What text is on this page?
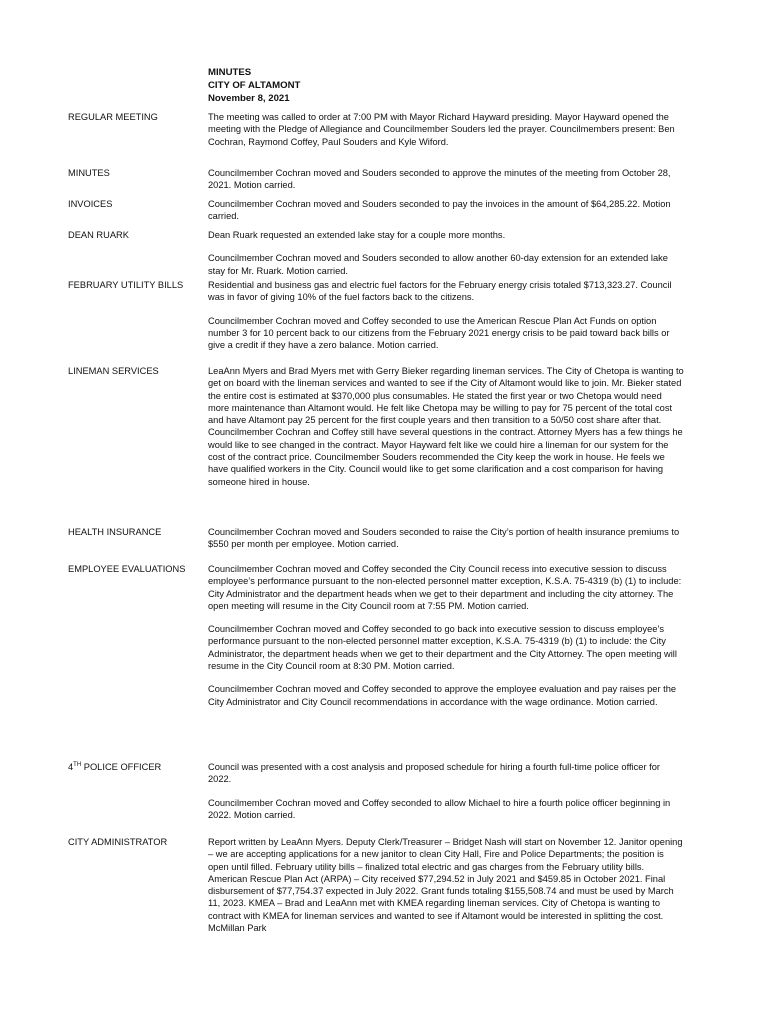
MINUTES
CITY OF ALTAMONT
November 8, 2021
REGULAR MEETING	The meeting was called to order at 7:00 PM with Mayor Richard Hayward presiding. Mayor Hayward opened the meeting with the Pledge of Allegiance and Councilmember Souders led the prayer. Councilmembers present: Ben Cochran, Raymond Coffey, Paul Souders and Kyle Wiford.

MINUTES	Councilmember Cochran moved and Souders seconded to approve the minutes of the meeting from October 28, 2021. Motion carried.

INVOICES	Councilmember Cochran moved and Souders seconded to pay the invoices in the amount of $64,285.22. Motion carried.

DEAN RUARK	Dean Ruark requested an extended lake stay for a couple more months.

Councilmember Cochran moved and Souders seconded to allow another 60-day extension for an extended lake stay for Mr. Ruark. Motion carried.

FEBRUARY UTILITY BILLS	Residential and business gas and electric fuel factors for the February energy crisis totaled $713,323.27. Council was in favor of giving 10% of the fuel factors back to the citizens.

Councilmember Cochran moved and Coffey seconded to use the American Rescue Plan Act Funds on option number 3 for 10 percent back to our citizens from the February 2021 energy crisis to be paid toward back bills or give a credit if they have a zero balance. Motion carried.

LINEMAN SERVICES	LeaAnn Myers and Brad Myers met with Gerry Bieker regarding lineman services. The City of Chetopa is wanting to get on board with the lineman services and wanted to see if the City of Altamont would like to join. Mr. Bieker stated the entire cost is estimated at $370,000 plus consumables. He stated the first year or two Chetopa would need more maintenance than Altamont would. He felt like Chetopa may be willing to pay for 75 percent of the total cost and have Altamont pay 25 percent for the first couple years and then transition to a 50/50 cost share after that. Councilmember Cochran and Coffey still have several questions in the contract. Attorney Myers has a few things he would like to see changed in the contract. Mayor Hayward felt like we could hire a lineman for our system for the cost of the contract price. Councilmember Souders recommended the City keep the work in house. He feels we have qualified workers in the City. Council would like to get some clarification and a cost comparison for having someone hired in house.

HEALTH INSURANCE	Councilmember Cochran moved and Souders seconded to raise the City’s portion of health insurance premiums to $550 per month per employee. Motion carried.

EMPLOYEE EVALUATIONS	Councilmember Cochran moved and Coffey seconded the City Council recess into executive session to discuss employee’s performance pursuant to the non-elected personnel matter exception, K.S.A. 75-4319 (b) (1) to include: City Administrator and the department heads when we get to their department and including the city attorney. The open meeting will resume in the City Council room at 7:55 PM. Motion carried.

Councilmember Cochran moved and Coffey seconded to go back into executive session to discuss employee’s performance pursuant to the non-elected personnel matter exception, K.S.A. 75-4319 (b) (1) to include: the City Administrator, the department heads when we get to their department and the City Attorney. The open meeting will resume in the City Council room at 8:30 PM. Motion carried.

Councilmember Cochran moved and Coffey seconded to approve the employee evaluation and pay raises per the City Administrator and City Council recommendations in accordance with the wage ordinance. Motion carried.

4TH POLICE OFFICER	Council was presented with a cost analysis and proposed schedule for hiring a fourth full-time police officer for 2022.

Councilmember Cochran moved and Coffey seconded to allow Michael to hire a fourth police officer beginning in 2022. Motion carried.

CITY ADMINISTRATOR	Report written by LeaAnn Myers. Deputy Clerk/Treasurer – Bridget Nash will start on November 12. Janitor opening – we are accepting applications for a new janitor to clean City Hall, Fire and Police Departments; the position is open until filled. February utility bills – finalized total electric and gas charges from the February utility bills. American Rescue Plan Act (ARPA) – City received $77,294.52 in July 2021 and $459.85 in October 2021. Final disbursement of $77,754.37 expected in July 2022. Grant funds totaling $155,508.74 and must be used by March 11, 2023. KMEA – Brad and LeaAnn met with KMEA regarding lineman services. City of Chetopa is wanting to contract with KMEA for lineman services and wanted to see if Altamont would be interested in splitting the cost. McMillan Park
